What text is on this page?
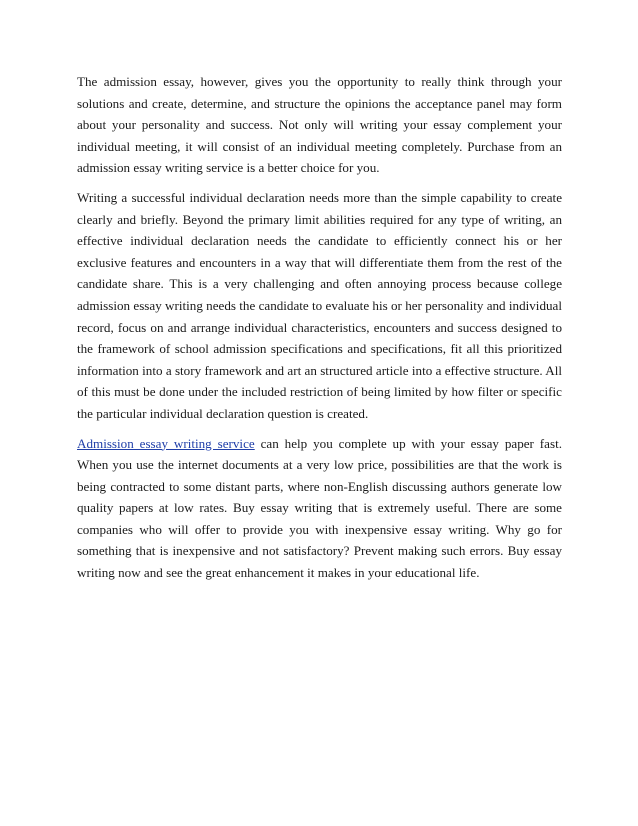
The admission essay, however, gives you the opportunity to really think through your solutions and create, determine, and structure the opinions the acceptance panel may form about your personality and success. Not only will writing your essay complement your individual meeting, it will consist of an individual meeting completely. Purchase from an admission essay writing service is a better choice for you.

Writing a successful individual declaration needs more than the simple capability to create clearly and briefly. Beyond the primary limit abilities required for any type of writing, an effective individual declaration needs the candidate to efficiently connect his or her exclusive features and encounters in a way that will differentiate them from the rest of the candidate share. This is a very challenging and often annoying process because college admission essay writing needs the candidate to evaluate his or her personality and individual record, focus on and arrange individual characteristics, encounters and success designed to the framework of school admission specifications and specifications, fit all this prioritized information into a story framework and art an structured article into a effective structure. All of this must be done under the included restriction of being limited by how filter or specific the particular individual declaration question is created.

Admission essay writing service can help you complete up with your essay paper fast. When you use the internet documents at a very low price, possibilities are that the work is being contracted to some distant parts, where non-English discussing authors generate low quality papers at low rates. Buy essay writing that is extremely useful. There are some companies who will offer to provide you with inexpensive essay writing. Why go for something that is inexpensive and not satisfactory? Prevent making such errors. Buy essay writing now and see the great enhancement it makes in your educational life.
